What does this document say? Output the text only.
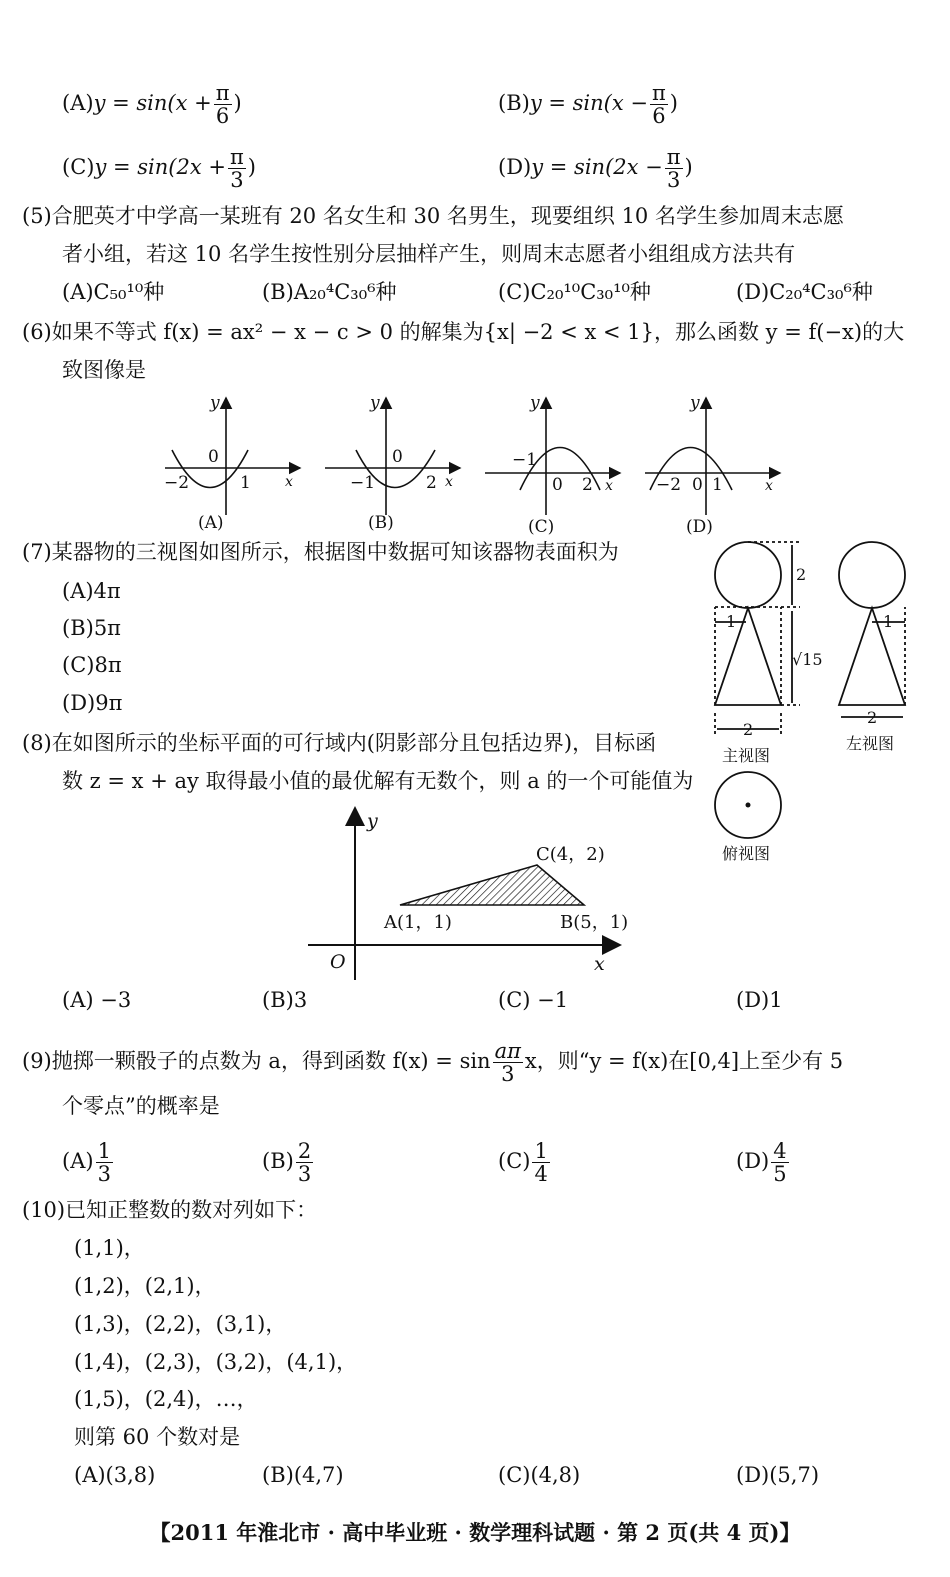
$(A)y = \sin(x + \frac{\pi}{6}$ )	$(B)y = \sin(x - \frac{\pi}{6}$ )
$(C)y = \sin(2x + \frac{\pi}{3}$ )	$(D)y = \sin(2x - \frac{\pi}{3}$ )
(5)合肥英才中学高一某班有 20 名女生和 30 名男生，现要组织 10 名学生参加周末志愿
者小组，若这 10 名学生按性别分层抽样产生，则周末志愿者小组组成方法共有
(A)C₅₀¹⁰种	(B)A₂₀⁴C₃₀⁶种	(C)C₂₀¹⁰C₃₀¹⁰种	(D)C₂₀⁴C₃₀⁶种
(6)如果不等式 f(x) = ax² − x − c > 0 的解集为{x| −2 < x < 1}，那么函数 y = f(−x)的大
致图像是
y
x
0
−2	1
(A)
y
x
0
−1	2
(B)
y
x
−1
0 2
(C)
y
x
−2 0 1
(D)
(7)某器物的三视图如图所示，根据图中数据可知该器物表面积为
(A)4π
(B)5π
(C)8π
(D)9π
2
1
√15
2
1
2
主视图
左视图
俯视图
(8)在如图所示的坐标平面的可行域内(阴影部分且包括边界)，目标函
数 z = x + ay 取得最小值的最优解有无数个，则 a 的一个可能值为
y
x
O
A(1，1)	B(5，1)
C(4，2)
(A) −3	(B)3	(C) −1	(D)1
(9)抛掷一颗骰子的点数为 a，得到函数 $f(x) = \sin \frac{a\pi}{3}$ x，则“y = f(x)在[0,4]上至少有 5
个零点”的概率是
$(A) \frac{1}{3}$	$(B) \frac{2}{3}$	$(C) \frac{1}{4}$	$(D) \frac{4}{5}$
(10)已知正整数的数对列如下：
(1,1)，
(1,2)，(2,1)，
(1,3)，(2,2)，(3,1)，
(1,4)，(2,3)，(3,2)，(4,1)，
(1,5)，(2,4)，…，
则第 60 个数对是
(A)(3,8)	(B)(4,7)	(C)(4,8)	(D)(5,7)
【2011 年淮北市 · 高中毕业班 · 数学理科试题 · 第 2 页(共 4 页)】
